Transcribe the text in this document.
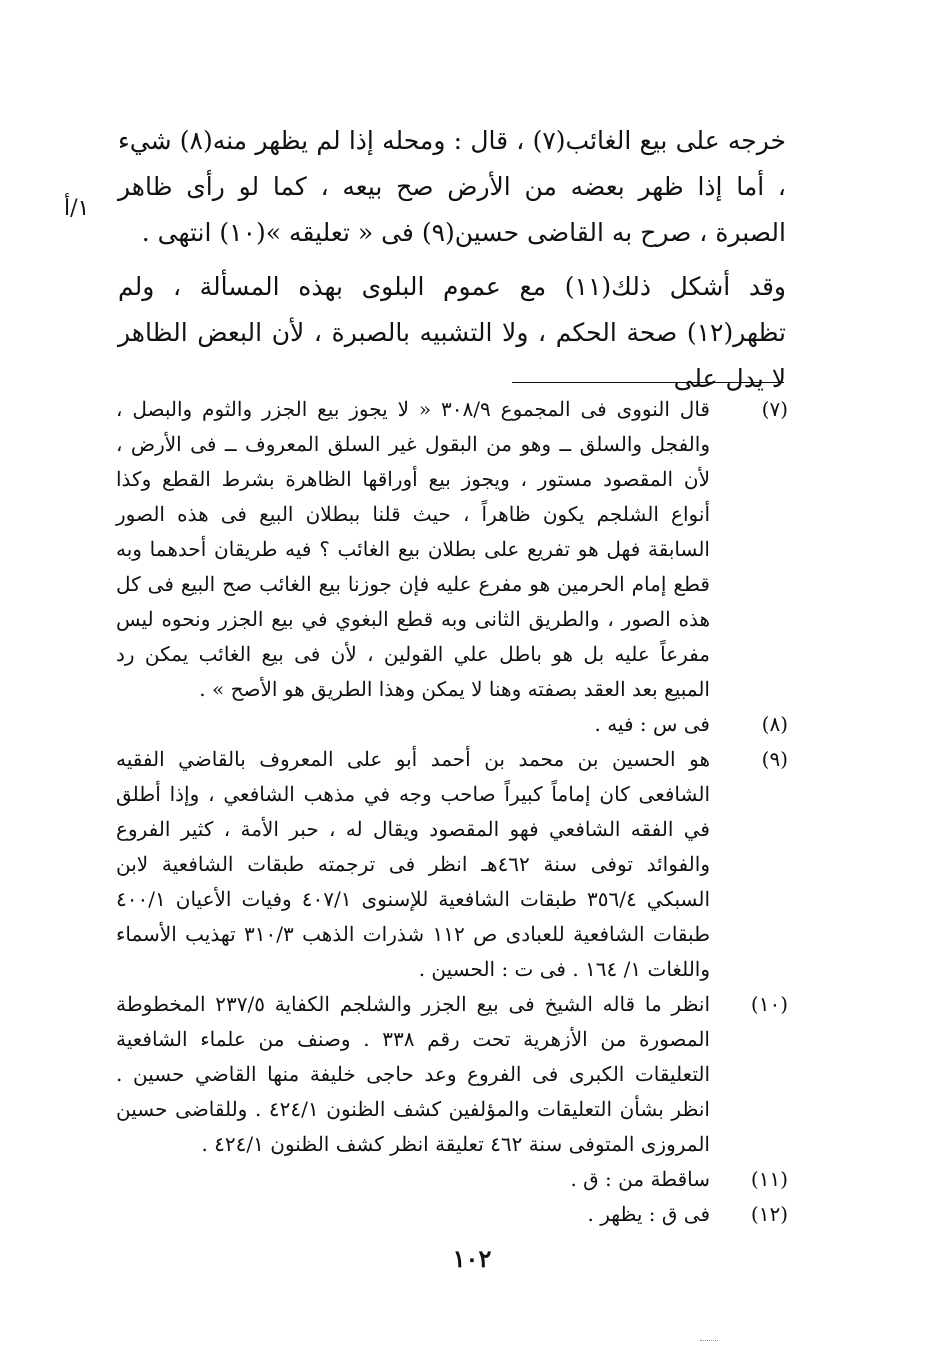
خرجه على بيع الغائب(٧) ، قال : ومحله إذا لم يظهر منه(٨) شيء ، أما إذا ظهر بعضه من الأرض صح بيعه ، كما لو رأى ظاهر الصبرة ، صرح به القاضى حسين(٩) فى « تعليقه »(١٠) انتهى .

وقد أشكل ذلك(١١) مع عموم البلوى بهذه المسألة ، ولم تظهر(١٢) صحة الحكم ، ولا التشبيه بالصبرة ، لأن البعض الظاهر لا يدل على

١/أ
(٧)
قال النووى فى المجموع ٣٠٨/٩ « لا يجوز بيع الجزر والثوم والبصل ، والفجل والسلق ــ وهو من البقول غير السلق المعروف ــ فى الأرض ، لأن المقصود مستور ، ويجوز بيع أوراقها الظاهرة بشرط القطع وكذا أنواع الشلجم يكون ظاهراً ، حيث قلنا ببطلان البيع فى هذه الصور السابقة فهل هو تفريع على بطلان بيع الغائب ؟ فيه طريقان أحدهما وبه قطع إمام الحرمين هو مفرع عليه فإن جوزنا بيع الغائب صح البيع فى كل هذه الصور ، والطريق الثانى وبه قطع البغوي في بيع الجزر ونحوه ليس مفرعاً عليه بل هو باطل علي القولين ، لأن فى بيع الغائب يمكن رد المبيع بعد العقد بصفته وهنا لا يمكن وهذا الطريق هو الأصح » .
(٨)
فى س : فيه .
(٩)
هو الحسين بن محمد بن أحمد أبو على المعروف بالقاضي الفقيه الشافعى كان إماماً كبيراً صاحب وجه في مذهب الشافعي ، وإذا أطلق في الفقه الشافعي فهو المقصود ويقال له ، حبر الأمة ، كثير الفروع والفوائد توفى سنة ٤٦٢هـ انظر فى ترجمته طبقات الشافعية لابن السبكي ٣٥٦/٤ طبقات الشافعية للإسنوى ٤٠٧/١ وفيات الأعيان ٤٠٠/١ طبقات الشافعية للعبادى ص ١١٢ شذرات الذهب ٣١٠/٣ تهذيب الأسماء واللغات ١/ ١٦٤ . فى ت : الحسين .
(١٠)
انظر ما قاله الشيخ فى بيع الجزر والشلجم الكفاية ٢٣٧/٥ المخطوطة المصورة من الأزهرية تحت رقم ٣٣٨ . وصنف من علماء الشافعية التعليقات الكبرى فى الفروع وعد حاجى خليفة منها القاضي حسين . انظر بشأن التعليقات والمؤلفين كشف الظنون ٤٢٤/١ . وللقاضى حسين المروزى المتوفى سنة ٤٦٢ تعليقة انظر كشف الظنون ٤٢٤/١ .
(١١)
ساقطة من : ق .
(١٢)
فى ق : يظهر .
١٠٢
